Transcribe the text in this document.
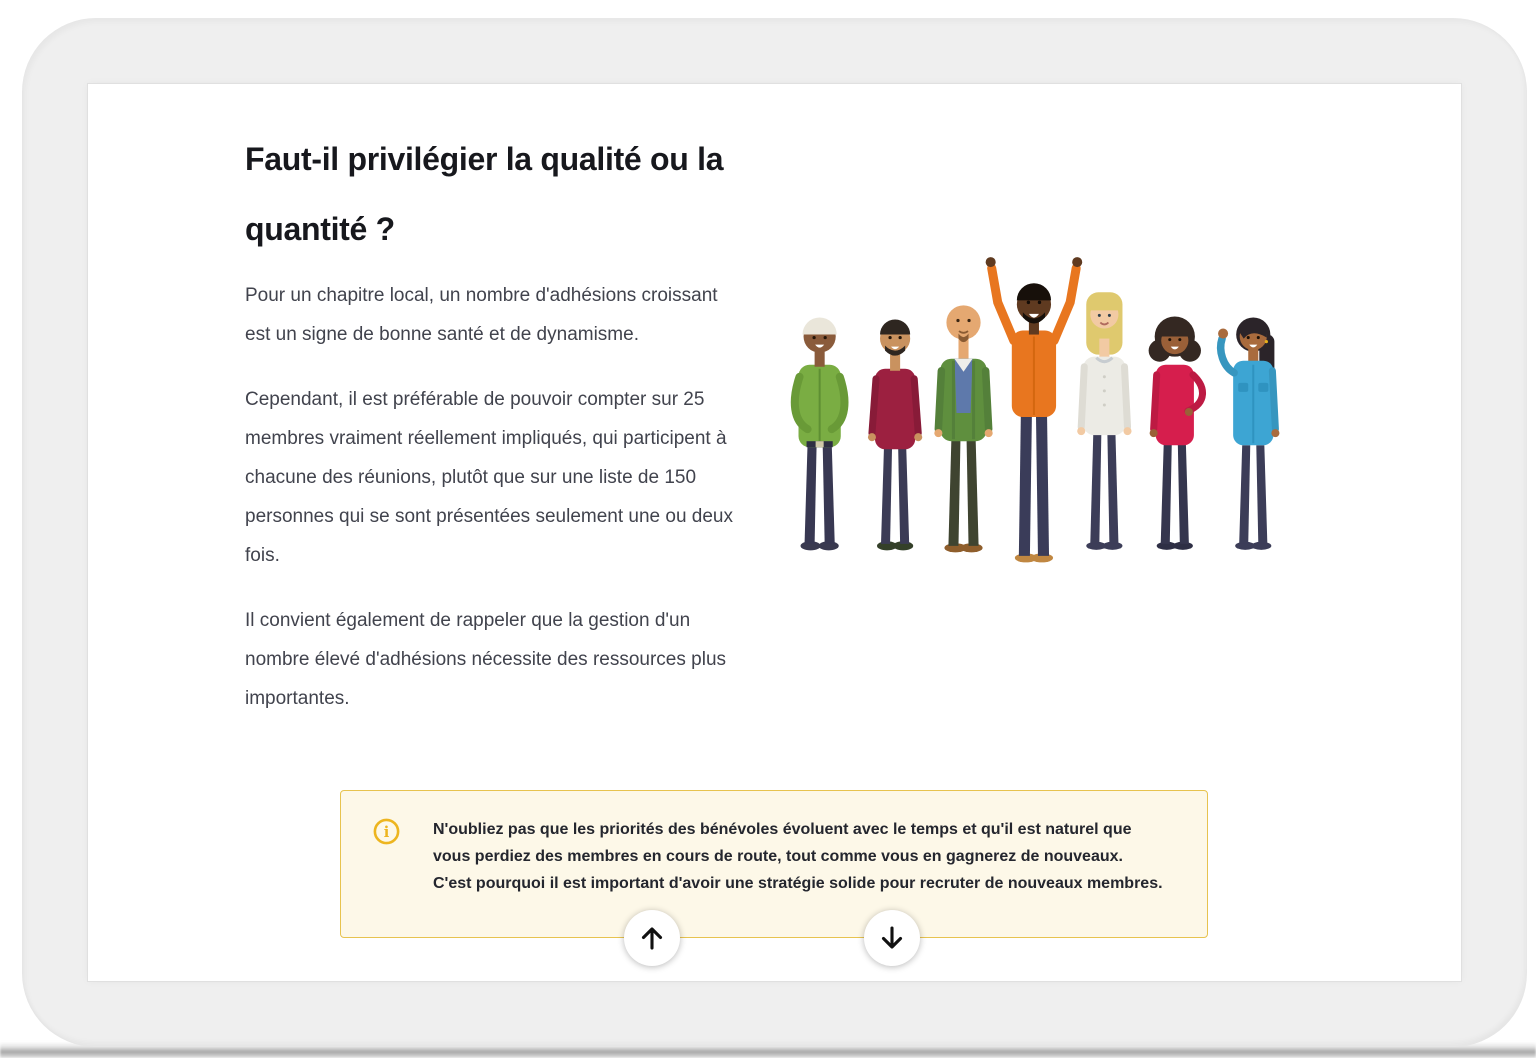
Faut-il privilégier la qualité ou la quantité ?

Pour un chapitre local, un nombre d'adhésions croissant est un signe de bonne santé et de dynamisme.

Cependant, il est préférable de pouvoir compter sur 25 membres vraiment réellement impliqués, qui participent à chacune des réunions, plutôt que sur une liste de 150 personnes qui se sont présentées seulement une ou deux fois.

Il convient également de rappeler que la gestion d'un nombre élevé d'adhésions nécessite des ressources plus importantes.

i	N'oubliez pas que les priorités des bénévoles évoluent avec le temps et qu'il est naturel que vous perdiez des membres en cours de route, tout comme vous en gagnerez de nouveaux. C'est pourquoi il est important d'avoir une stratégie solide pour recruter de nouveaux membres.
